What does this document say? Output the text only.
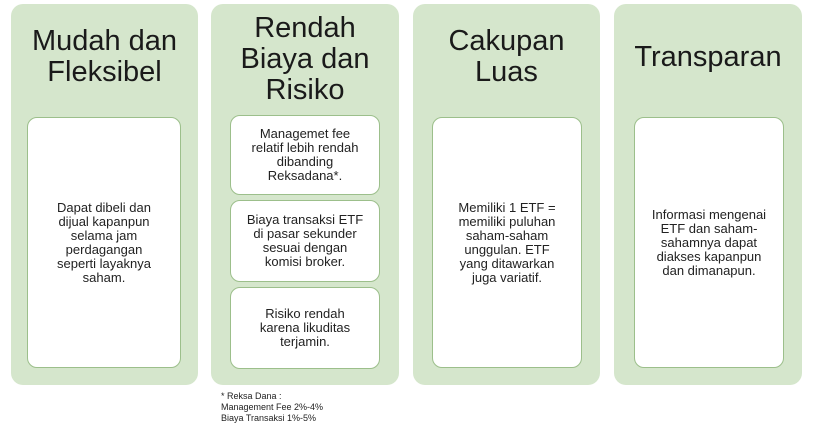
Mudah dan
Fleksibel
Dapat dibeli dan
dijual kapanpun
selama jam
perdagangan
seperti layaknya
saham.
Rendah
Biaya dan
Risiko
Managemet fee
relatif lebih rendah
dibanding
Reksadana*.
Biaya transaksi ETF
di pasar sekunder
sesuai dengan
komisi broker.
Risiko rendah
karena likuditas
terjamin.
Cakupan
Luas
Memiliki 1 ETF =
memiliki puluhan
saham-saham
unggulan. ETF
yang ditawarkan
juga variatif.
Transparan
Informasi mengenai
ETF dan saham-
sahamnya dapat
diakses kapanpun
dan dimanapun.
* Reksa Dana :
Management Fee 2%-4%
Biaya Transaksi 1%-5%
